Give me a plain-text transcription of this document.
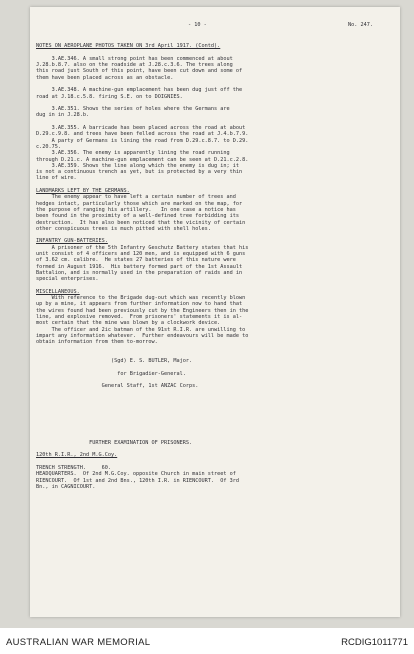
- 10 -	No. 247.

NOTES ON AEROPLANE PHOTOS TAKEN ON 3rd April 1917. (Contd).
3.AE.346. A small strong point has been commenced at about
J.28.b.8.7. also on the roadside at J.28.c.3.6. The trees along
this road just South of this point, have been cut down and some of
them have been placed across as an obstacle.
3.AE.348. A machine-gun emplacement has been dug just off the
road at J.18.c.5.8. firing S.E. on to DOIGNIES.
3.AE.351. Shows the series of holes where the Germans are
dug in in J.28.b.
3.AE.355. A barricade has been placed across the road at about
D.29.c.9.8. and trees have been felled across the road at J.4.b.7.9.
A party of Germans is lining the road from D.29.c.8.7. to D.29.
c.20.75.
3.AE.356. The enemy is apparently lining the road running
through D.21.c. A machine-gun emplacement can be seen at D.21.c.2.8.
3.AE.359. Shows the line along which the enemy is dug in; it
is not a continuous trench as yet, but is protected by a very thin
line of wire.
LANDMARKS LEFT BY THE GERMANS.
The enemy appear to have left a certain number of trees and
hedges intact, particularly those which are marked on the map, for
the purpose of ranging his artillery.   In one case a notice has
been found in the proximity of a well-defined tree forbidding its
destruction.  It has also been noticed that the vicinity of certain
other conspicuous trees is much pitted with shell holes.
INFANTRY GUN-BATTERIES.
A prisoner of the 5th Infantry Geschutz Battery states that his
unit consist of 4 officers and 120 men, and is equipped with 6 guns
of 3.62 cm. calibre.  He states 27 batteries of this nature were
formed in August 1916.  His battery formed part of the 1st Assault
Battalion, and is normally used in the preparation of raids and in
special enterprises.
MISCELLANEOUS.
With reference to the Brigade dug-out which was recently blown
up by a mine, it appears from further information now to hand that
the wires found had been previously cut by the Engineers then in the
line, and explosive removed.  From prisoners' statements it is al-
most certain that the mine was blown by a clockwork device.
The officer and 2ic batman of the 91st R.I.R. are unwilling to
impart any information whatever.  Further endeavours will be made to
obtain information from them to-morrow.
(Sgd) E. S. BUTLER, Major.
for Brigadier-General.
General Staff, 1st ANZAC Corps.
FURTHER EXAMINATION OF PRISONERS.
120th R.I.R., 2nd M.G.Coy.
TRENCH STRENGTH.     60.
HEADQUARTERS.  Of 2nd M.G.Coy. opposite Church in main street of
RIENCOURT.  Of 1st and 2nd Bns., 120th I.R. in RIENCOURT.  Of 3rd
Bn., in CAGNICOURT.

AUSTRALIAN WAR MEMORIAL	RCDIG1011771
